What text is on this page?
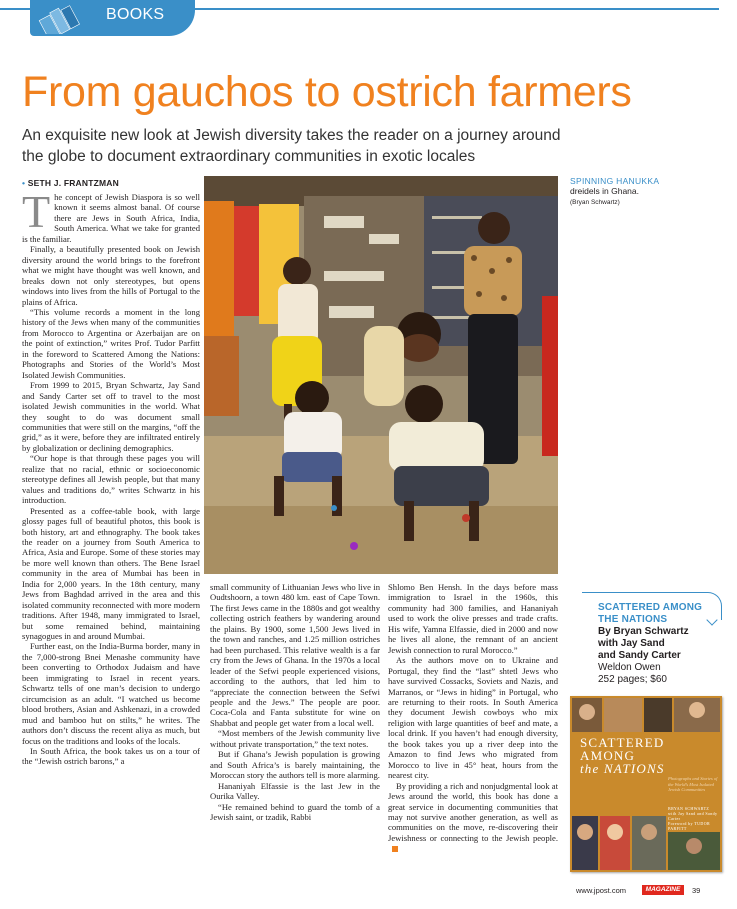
BOOKS
From gauchos to ostrich farmers

An exquisite new look at Jewish diversity takes the reader on a journey around the globe to document extraordinary communities in exotic locales

• SETH J. FRANTZMAN

The concept of Jewish Diaspora is so well known it seems almost banal. Of course there are Jews in South Africa, India, South America. What we take for granted is the familiar.

Finally, a beautifully presented book on Jewish diversity around the world brings to the forefront what we might have thought was well known, and breaks down not only stereotypes, but opens windows into lives from the hills of Portugal to the plains of Africa.

“This volume records a moment in the long history of the Jews when many of the communities from Morocco to Argentina or Azerbaijan are on the point of extinction,” writes Prof. Tudor Parfitt in the foreword to Scattered Among the Nations: Photographs and Stories of the World’s Most Isolated Jewish Communities.

From 1999 to 2015, Bryan Schwartz, Jay Sand and Sandy Carter set off to travel to the most isolated Jewish communities in the world. What they sought to do was document small communities that were still on the margins, “off the grid,” as it were, before they are infiltrated entirely by globalization or declining demographics.

“Our hope is that through these pages you will realize that no racial, ethnic or socioeconomic stereotype defines all Jewish people, but that many values and traditions do,” writes Schwartz in his introduction.

Presented as a coffee-table book, with large glossy pages full of beautiful photos, this book is both history, art and ethnography. The book takes the reader on a journey from South America to Africa, Asia and Europe. Some of these stories may be more well known than others. The Bene Israel community in the area of Mumbai has been in India for 2,000 years. In the 18th century, many Jews from Baghdad arrived in the area and this isolated community reconnected with more modern traditions. After 1948, many immigrated to Israel, but some remained behind, maintaining synagogues in and around Mumbai.

Further east, on the India-Burma border, many in the 7,000-strong Bnei Menashe community have been converting to Orthodox Judaism and have been immigrating to Israel in recent years. Schwartz tells of one man’s decision to undergo circumcision as an adult. “I watched us become blood brothers, Asian and Ashkenazi, in a crowded mud and bamboo hut on stilts,” he writes. The authors don’t discuss the recent aliya as much, but focus on the traditions and looks of the locals.

In South Africa, the book takes us on a tour of the “Jewish ostrich barons,” a

SPINNING HANUKKA
dreidels in Ghana.
(Bryan Schwartz)

small community of Lithuanian Jews who live in Oudtshoorn, a town 480 km. east of Cape Town. The first Jews came in the 1880s and got wealthy collecting ostrich feathers by wandering around the plains. By 1900, some 1,500 Jews lived in the town and ranches, and 1.25 million ostriches had been purchased. This relative wealth is a far cry from the Jews of Ghana. In the 1970s a local leader of the Sefwi people experienced visions, according to the authors, that led him to “appreciate the connection between the Sefwi people and the Jews.” The people are poor. Coca-Cola and Fanta substitute for wine on Shabbat and people get water from a local well.

“Most members of the Jewish community live without private transportation,” the text notes.

But if Ghana’s Jewish population is growing and South Africa’s is barely maintaining, the Moroccan story the authors tell is more alarming.

Hananiyah Elfassie is the last Jew in the Ourika Valley.

“He remained behind to guard the tomb of a Jewish saint, or tzadik, Rabbi

Shlomo Ben Hensh. In the days before mass immigration to Israel in the 1960s, this community had 300 families, and Hananiyah used to work the olive presses and trade crafts. His wife, Yamna Elfassie, died in 2000 and now he lives all alone, the remnant of an ancient Jewish connection to rural Morocco.”

As the authors move on to Ukraine and Portugal, they find the “last” shtetl Jews who have survived Cossacks, Soviets and Nazis, and Marranos, or “Jews in hiding” in Portugal, who are returning to their roots. In South America they document Jewish cowboys who mix religion with large quantities of beef and mate, a local drink. If you haven’t had enough diversity, the book takes you up a river deep into the Amazon to find Jews who migrated from Morocco to live in 45° heat, hours from the nearest city.

By providing a rich and nonjudgmental look at Jews around the world, this book has done a great service in documenting communities that may not survive another generation, as well as communities on the move, re-discovering their Jewishness or connecting to the Jewish people.

SCATTERED AMONG
THE NATIONS
By Bryan Schwartz
with Jay Sand
and Sandy Carter
Weldon Owen
252 pages; $60
SCATTERED
AMONG
the NATIONS
Photographs and Stories of the World’s Most Isolated Jewish Communities
BRYAN SCHWARTZ
with Jay Sand and Sandy Carter
Foreword by TUDOR PARFITT
www.jpost.com	MAGAZINE	39
